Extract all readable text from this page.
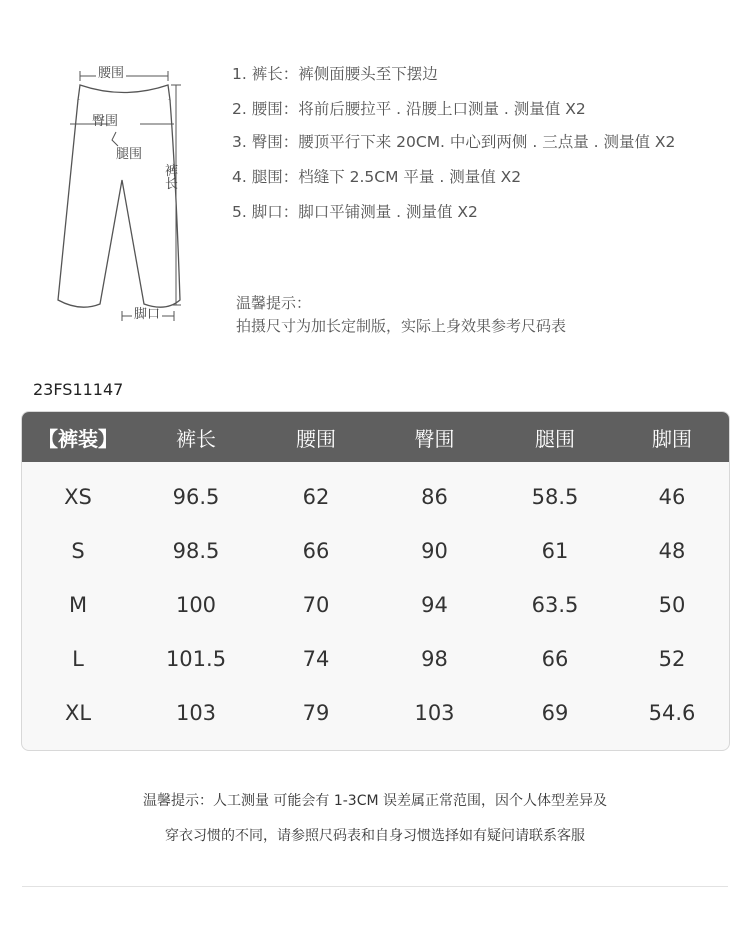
腰围
臀围
腿围
裤长
脚口
1. 裤长：裤侧面腰头至下摆边
2. 腰围：将前后腰拉平 . 沿腰上口测量 . 测量值 X2
3. 臀围：腰顶平行下来 20CM. 中心到两侧 . 三点量 . 测量值 X2
4. 腿围：档缝下 2.5CM 平量 . 测量值 X2
5. 脚口：脚口平铺测量 . 测量值 X2
温馨提示：
拍摄尺寸为加长定制版，实际上身效果参考尺码表
23FS11147
【裤装】	裤长	腰围	臀围	腿围	脚围
XS	96.5	62	86	58.5	46
S	98.5	66	90	61	48
M	100	70	94	63.5	50
L	101.5	74	98	66	52
XL	103	79	103	69	54.6
温馨提示：人工测量 可能会有 1-3CM 误差属正常范围，因个人体型差异及
穿衣习惯的不同，请参照尺码表和自身习惯选择如有疑问请联系客服
